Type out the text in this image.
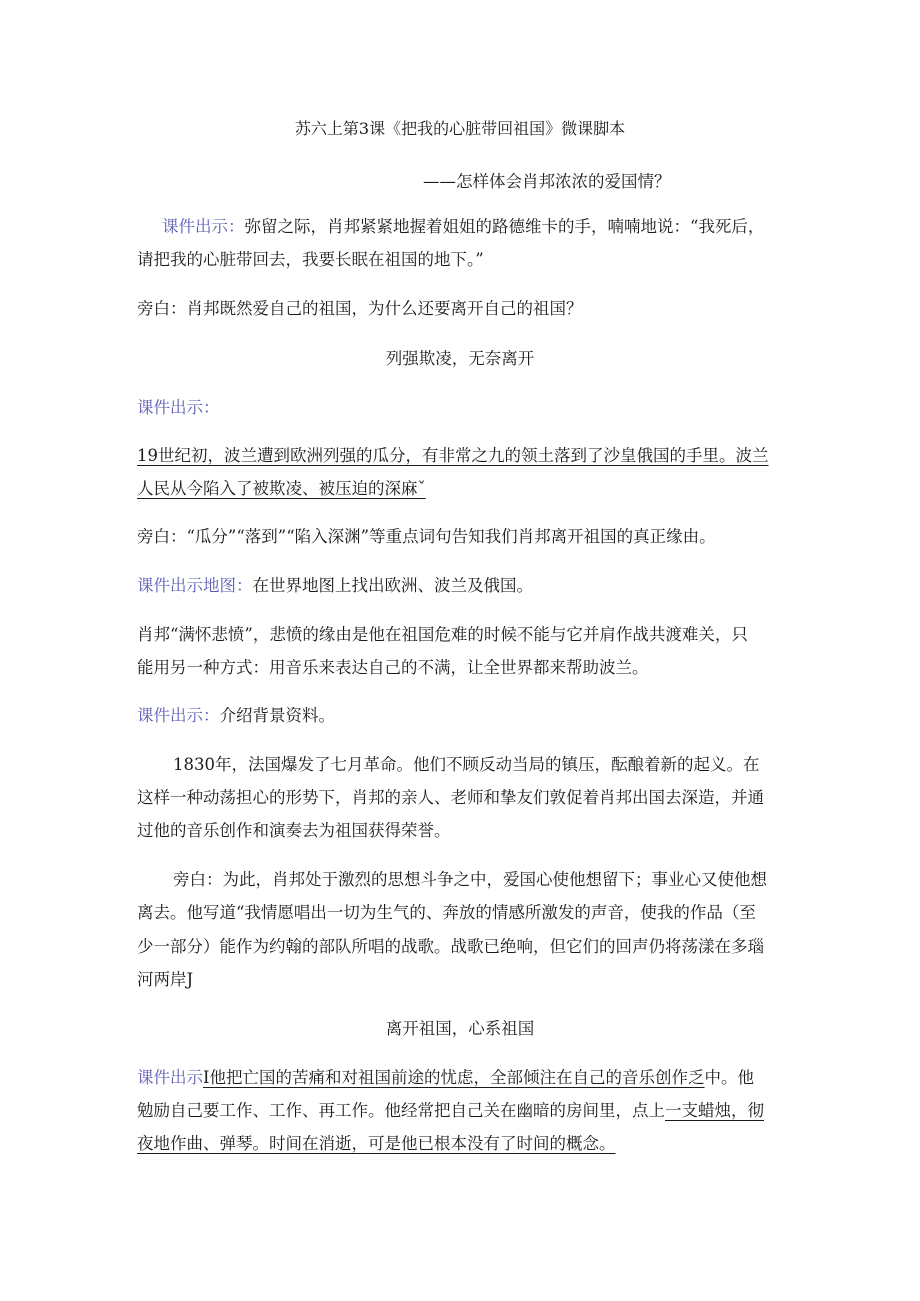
苏六上第3课《把我的心脏带回祖国》微课脚本
——怎样体会肖邦浓浓的爱国情？
课件出示：弥留之际，肖邦紧紧地握着姐姐的路德维卡的手，喃喃地说：“我死后，
请把我的心脏带回去，我要长眠在祖国的地下。”
旁白：肖邦既然爱自己的祖国，为什么还要离开自己的祖国？
列强欺凌，无奈离开
课件出示：
19世纪初，波兰遭到欧洲列强的瓜分，有非常之九的领土落到了沙皇俄国的手里。波兰
人民从今陷入了被欺凌、被压迫的深麻ˇ
旁白：“瓜分”“落到”“陷入深渊”等重点词句告知我们肖邦离开祖国的真正缘由。
课件出示地图：在世界地图上找出欧洲、波兰及俄国。
肖邦“满怀悲愤”，悲愤的缘由是他在祖国危难的时候不能与它并肩作战共渡难关，只
能用另一种方式：用音乐来表达自己的不满，让全世界都来帮助波兰。
课件出示：介绍背景资料。
1830年，法国爆发了七月革命。他们不顾反动当局的镇压，酝酿着新的起义。在
这样一种动荡担心的形势下，肖邦的亲人、老师和挚友们敦促着肖邦出国去深造，并通
过他的音乐创作和演奏去为祖国获得荣誉。
旁白：为此，肖邦处于激烈的思想斗争之中，爱国心使他想留下；事业心又使他想
离去。他写道“我情愿唱出一切为生气的、奔放的情感所激发的声音，使我的作品（至
少一部分）能作为约翰的部队所唱的战歌。战歌已绝响，但它们的回声仍将荡漾在多瑙
河两岸J
离开祖国，心系祖国
课件出示I他把亡国的苦痛和对祖国前途的忧虑，全部倾注在自己的音乐创作乏中。他
勉励自己要工作、工作、再工作。他经常把自己关在幽暗的房间里，点上一支蜡烛，彻
夜地作曲、弹琴。时间在消逝，可是他已根本没有了时间的概念。
